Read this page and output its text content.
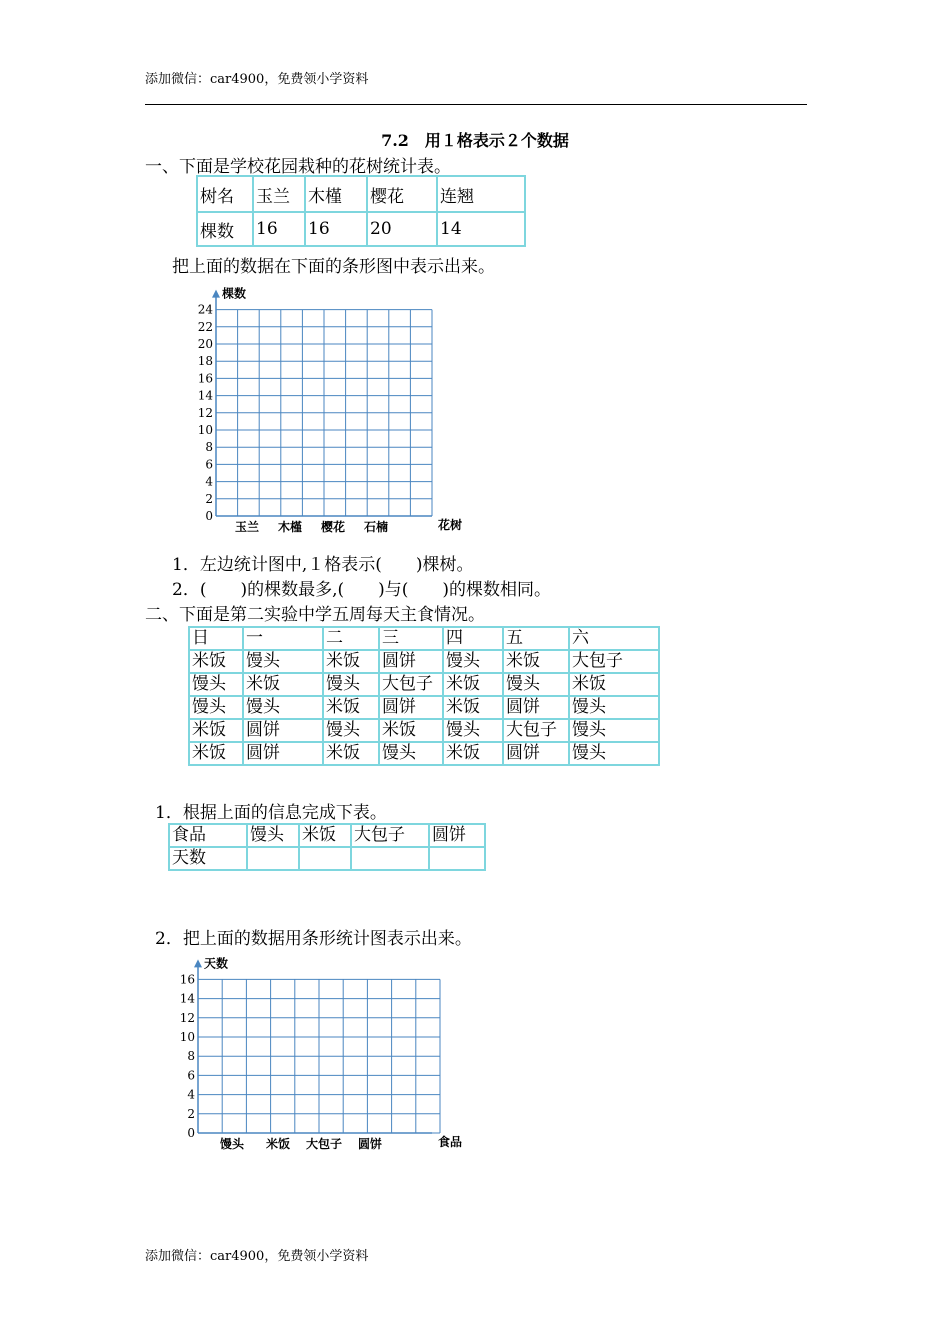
添加微信：car4900，免费领小学资料
7.2　用１格表示２个数据
一、下面是学校花园栽种的花树统计表。
树名	玉兰	木槿	樱花	连翘
棵数	16	16	20	14
把上面的数据在下面的条形图中表示出来。
0
2
4
6
8
10
12
14
16
18
20
22
24
棵数
花树
玉兰 木槿 樱花 石楠
1．左边统计图中,１格表示(　　)棵树。
2．(　　)的棵数最多,(　　)与(　　)的棵数相同。
二、下面是第二实验中学五周每天主食情况。
日	一	二	三	四	五	六
米饭	馒头	米饭	圆饼	馒头	米饭	大包子
馒头	米饭	馒头	大包子	米饭	馒头	米饭
馒头	馒头	米饭	圆饼	米饭	圆饼	馒头
米饭	圆饼	馒头	米饭	馒头	大包子	馒头
米饭	圆饼	米饭	馒头	米饭	圆饼	馒头
1．根据上面的信息完成下表。
食品	馒头	米饭	大包子	圆饼
天数				
2．把上面的数据用条形统计图表示出来。
0
2
4
6
8
10
12
14
16
天数
食品
馒头 米饭 大包子 圆饼
添加微信：car4900，免费领小学资料
